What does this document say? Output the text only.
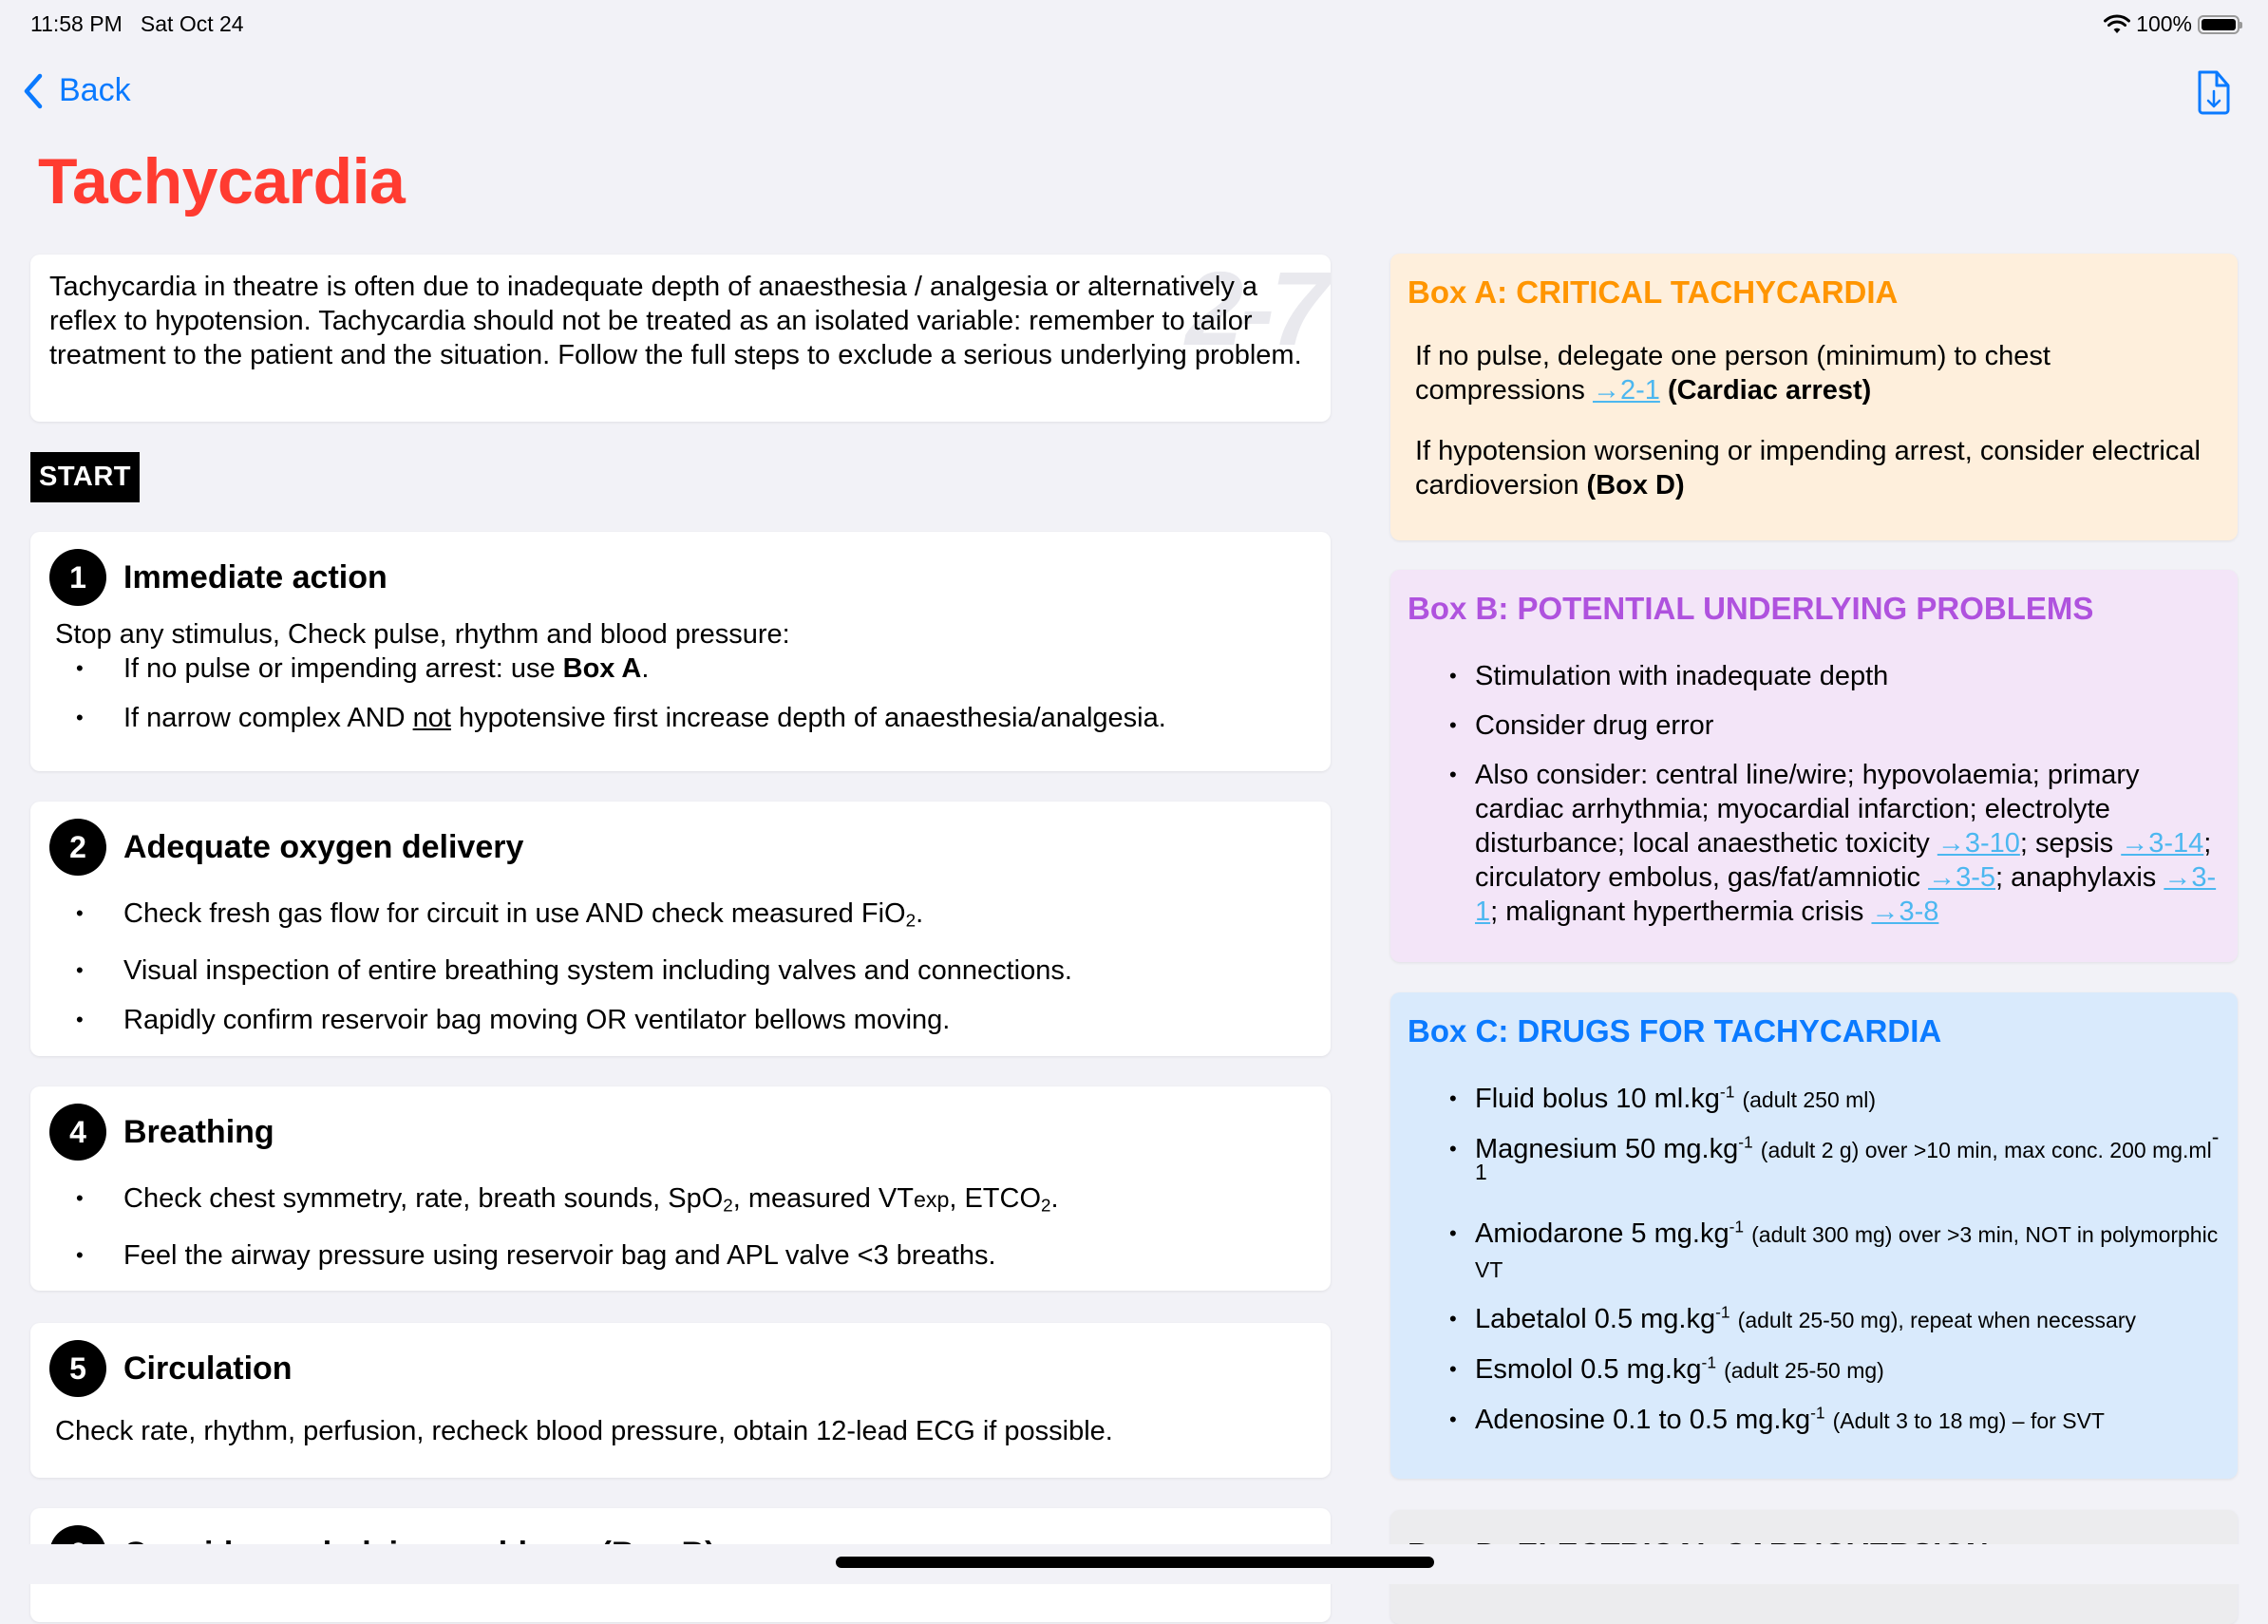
11:58 PM Sat Oct 24	100%
Back
Tachycardia
2-7
Tachycardia in theatre is often due to inadequate depth of anaesthesia / analgesia or alternatively a reflex to hypotension. Tachycardia should not be treated as an isolated variable: remember to tailor treatment to the patient and the situation. Follow the full steps to exclude a serious underlying problem.
START
1	Immediate action
Stop any stimulus, Check pulse, rhythm and blood pressure:
• If no pulse or impending arrest: use Box A.
• If narrow complex AND not hypotensive first increase depth of anaesthesia/analgesia.
2	Adequate oxygen delivery
• Check fresh gas flow for circuit in use AND check measured FiO$_2$.
• Visual inspection of entire breathing system including valves and connections.
• Rapidly confirm reservoir bag moving OR ventilator bellows moving.
4	Breathing
• Check chest symmetry, rate, breath sounds, SpO$_2$, measured VTexp, $ETCO_2$.
• Feel the airway pressure using reservoir bag and APL valve <3 breaths.
5	Circulation
Check rate, rhythm, perfusion, recheck blood pressure, obtain 12-lead ECG if possible.
Box A: CRITICAL TACHYCARDIA

If no pulse, delegate one person (minimum) to chest compressions →2-1 (Cardiac arrest)

If hypotension worsening or impending arrest, consider electrical cardioversion (Box D)

Box B: POTENTIAL UNDERLYING PROBLEMS
• Stimulation with inadequate depth
• Consider drug error
• Also consider: central line/wire; hypovolaemia; primary cardiac arrhythmia; myocardial infarction; electrolyte disturbance; local anaesthetic toxicity →3-10; sepsis →3-14; circulatory embolus, gas/fat/amniotic →3-5; anaphylaxis →3-1; malignant hyperthermia crisis →3-8
Box C: DRUGS FOR TACHYCARDIA
• Fluid bolus 10 $ml.kg^{-1}$ (adult 250 ml)
• Magnesium 50 $mg.kg^{-1}$ (adult 2 g) over >10 min, max conc. 200 mg.ml$^{-1}$
• Amiodarone 5 $mg.kg^{-1}$ (adult 300 mg) over >3 min, NOT in polymorphic VT
• Labetalol 0.5 $mg.kg^{-1}$ (adult 25-50 mg), repeat when necessary
• Esmolol 0.5 $mg.kg^{-1}$ (adult 25-50 mg)
• Adenosine 0.1 to 0.5 $mg.kg^{-1}$ (Adult 3 to 18 mg) – for SVT
